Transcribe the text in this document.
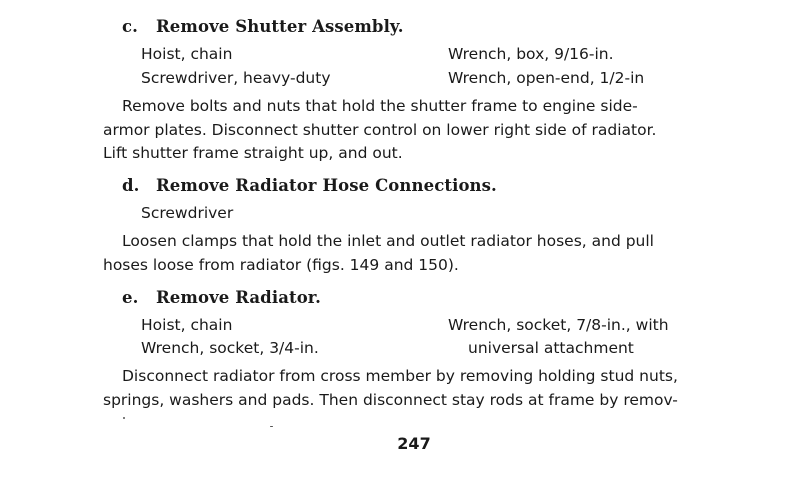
c. Remove Shutter Assembly.
Hoist, chain
Screwdriver, heavy-duty
Wrench, box, 9/16-in.
Wrench, open-end, 1/2-in
Remove bolts and nuts that hold the shutter frame to engine side-
armor plates. Disconnect shutter control on lower right side of radiator.
Lift shutter frame straight up, and out.
d. Remove Radiator Hose Connections.
Screwdriver
Loosen clamps that hold the inlet and outlet radiator hoses, and pull
hoses loose from radiator (figs. 149 and 150).
e. Remove Radiator.
Hoist, chain
Wrench, socket, 3/4-in.
Wrench, socket, 7/8-in., with
universal attachment
Disconnect radiator from cross member by removing holding stud nuts,
springs, washers and pads. Then disconnect stay rods at frame by remov-
247
